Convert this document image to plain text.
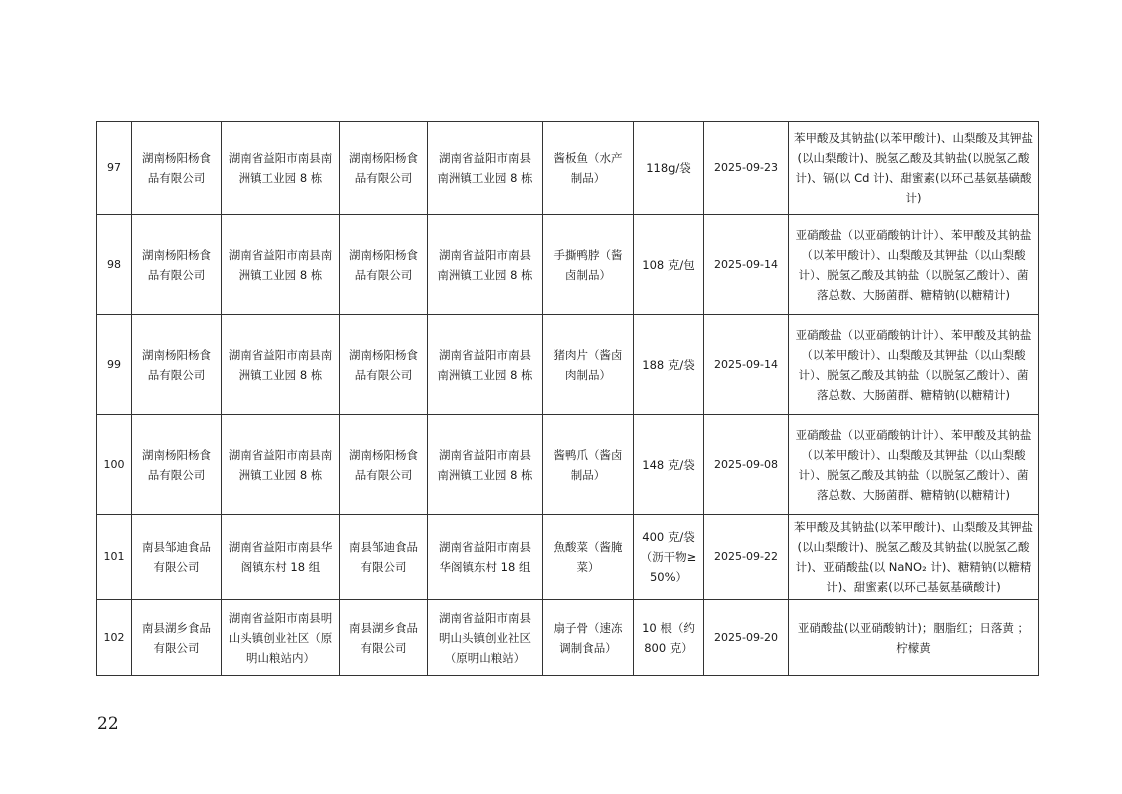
97	湖南杨阳杨食品有限公司	湖南省益阳市南县南洲镇工业园 8 栋	湖南杨阳杨食品有限公司	湖南省益阳市南县南洲镇工业园 8 栋	酱板鱼（水产制品）	118g/袋	2025-09-23	苯甲酸及其钠盐(以苯甲酸计)、山梨酸及其钾盐(以山梨酸计)、脱氢乙酸及其钠盐(以脱氢乙酸计)、镉(以 Cd 计)、甜蜜素(以环己基氨基磺酸计)
98	湖南杨阳杨食品有限公司	湖南省益阳市南县南洲镇工业园 8 栋	湖南杨阳杨食品有限公司	湖南省益阳市南县南洲镇工业园 8 栋	手撕鸭脖（酱卤制品）	108 克/包	2025-09-14	亚硝酸盐（以亚硝酸钠计计）、苯甲酸及其钠盐（以苯甲酸计）、山梨酸及其钾盐（以山梨酸计）、脱氢乙酸及其钠盐（以脱氢乙酸计）、菌落总数、大肠菌群、糖精钠(以糖精计)
99	湖南杨阳杨食品有限公司	湖南省益阳市南县南洲镇工业园 8 栋	湖南杨阳杨食品有限公司	湖南省益阳市南县南洲镇工业园 8 栋	猪肉片（酱卤肉制品）	188 克/袋	2025-09-14	亚硝酸盐（以亚硝酸钠计计）、苯甲酸及其钠盐（以苯甲酸计）、山梨酸及其钾盐（以山梨酸计）、脱氢乙酸及其钠盐（以脱氢乙酸计）、菌落总数、大肠菌群、糖精钠(以糖精计)
100	湖南杨阳杨食品有限公司	湖南省益阳市南县南洲镇工业园 8 栋	湖南杨阳杨食品有限公司	湖南省益阳市南县南洲镇工业园 8 栋	酱鸭爪（酱卤制品）	148 克/袋	2025-09-08	亚硝酸盐（以亚硝酸钠计计）、苯甲酸及其钠盐（以苯甲酸计）、山梨酸及其钾盐（以山梨酸计）、脱氢乙酸及其钠盐（以脱氢乙酸计）、菌落总数、大肠菌群、糖精钠(以糖精计)
101	南县邹迪食品有限公司	湖南省益阳市南县华阁镇东村 18 组	南县邹迪食品有限公司	湖南省益阳市南县华阁镇东村 18 组	魚酸菜（酱腌菜）	400 克/袋（沥干物≥50%）	2025-09-22	苯甲酸及其钠盐(以苯甲酸计)、山梨酸及其钾盐(以山梨酸计)、脱氢乙酸及其钠盐(以脱氢乙酸计)、亚硝酸盐(以 NaNO₂ 计)、糖精钠(以糖精计)、甜蜜素(以环己基氨基磺酸计)
102	南县湖乡食品有限公司	湖南省益阳市南县明山头镇创业社区（原明山粮站内）	南县湖乡食品有限公司	湖南省益阳市南县明山头镇创业社区（原明山粮站）	扇子骨（速冻调制食品）	10 根（约 800 克）	2025-09-20	亚硝酸盐(以亚硝酸钠计)；胭脂红；日落黄 ；柠檬黄
22
